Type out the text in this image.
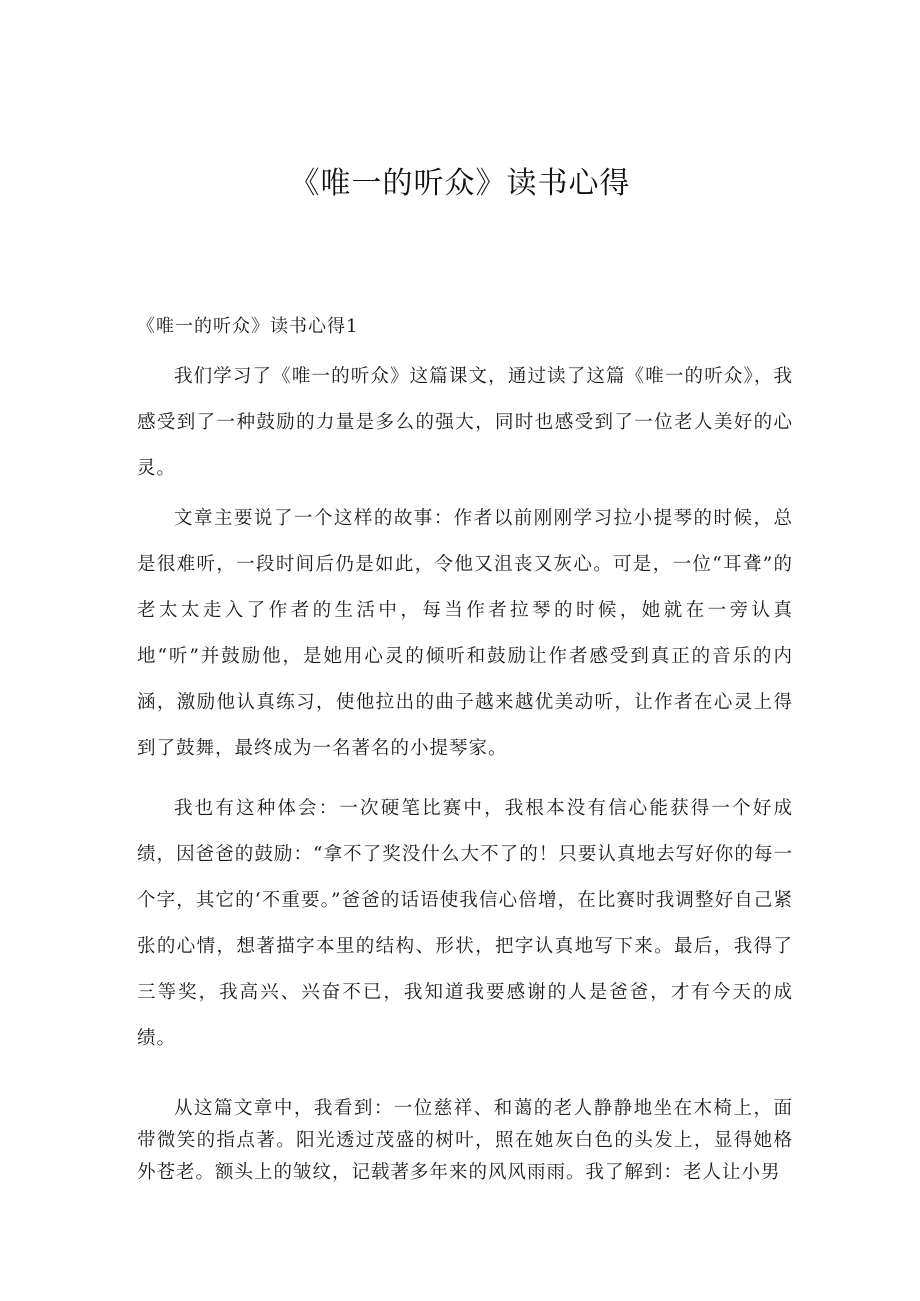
《唯一的听众》读书心得
《唯一的听众》读书心得1

我们学习了《唯一的听众》这篇课文，通过读了这篇《唯一的听众》，我感受到了一种鼓励的力量是多么的强大，同时也感受到了一位老人美好的心灵。

文章主要说了一个这样的故事：作者以前刚刚学习拉小提琴的时候，总是很难听，一段时间后仍是如此，令他又沮丧又灰心。可是，一位“耳聋”的老太太走入了作者的生活中，每当作者拉琴的时候，她就在一旁认真地“听”并鼓励他，是她用心灵的倾听和鼓励让作者感受到真正的音乐的内涵，激励他认真练习，使他拉出的曲子越来越优美动听，让作者在心灵上得到了鼓舞，最终成为一名著名的小提琴家。

我也有这种体会：一次硬笔比赛中，我根本没有信心能获得一个好成绩，因爸爸的鼓励：“拿不了奖没什么大不了的！只要认真地去写好你的每一个字，其它的‘不重要。”爸爸的话语使我信心倍增，在比赛时我调整好自己紧张的心情，想著描字本里的结构、形状，把字认真地写下来。最后，我得了三等奖，我高兴、兴奋不已，我知道我要感谢的人是爸爸，才有今天的成绩。

从这篇文章中，我看到：一位慈祥、和蔼的老人静静地坐在木椅上，面带微笑的指点著。阳光透过茂盛的树叶，照在她灰白色的头发上，显得她格外苍老。额头上的皱纹，记载著多年来的风风雨雨。我了解到：老人让小男
